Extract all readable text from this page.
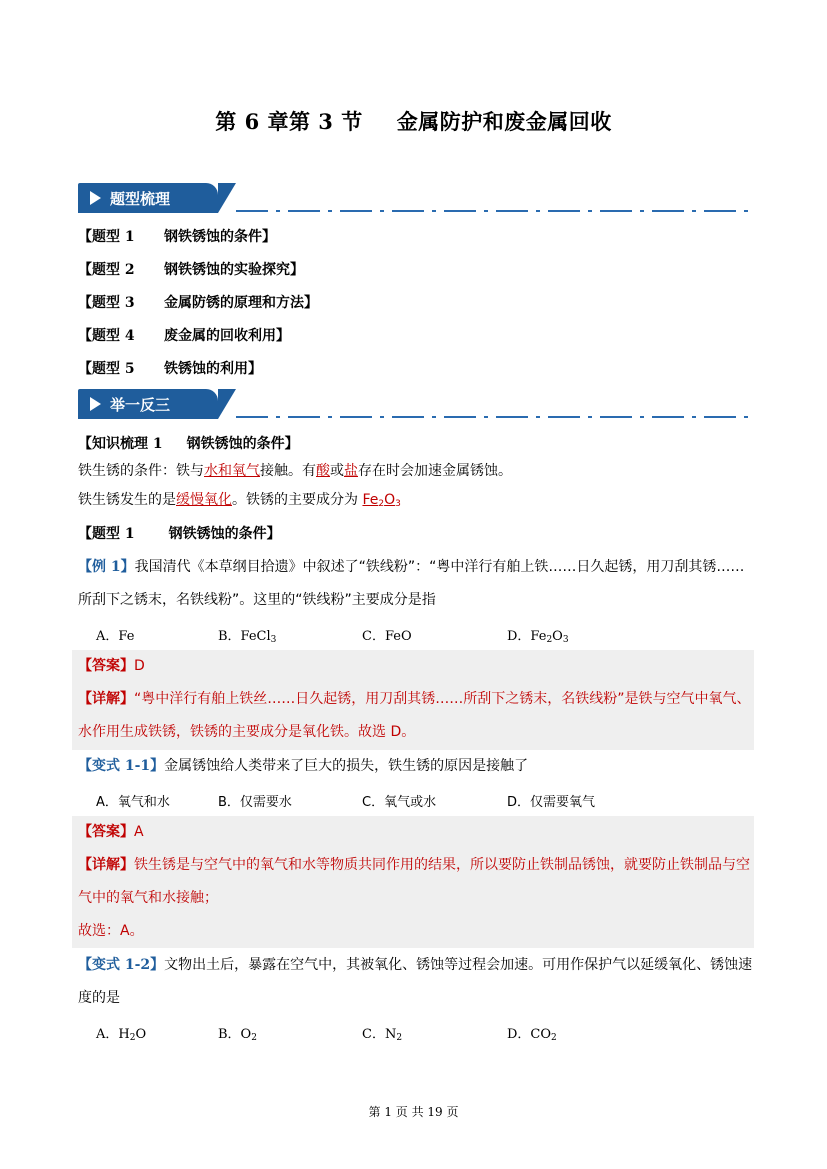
第 6 章第 3 节 金属防护和废金属回收
题型梳理
【题型 1 钢铁锈蚀的条件】
【题型 2 钢铁锈蚀的实验探究】
【题型 3 金属防锈的原理和方法】
【题型 4 废金属的回收利用】
【题型 5 铁锈蚀的利用】
举一反三
【知识梳理 1 钢铁锈蚀的条件】
铁生锈的条件：铁与水和氧气接触。有酸或盐存在时会加速金属锈蚀。
铁生锈发生的是缓慢氧化。铁锈的主要成分为 $Fe_2O_3$
【题型 1 钢铁锈蚀的条件】
【例 1】我国清代《本草纲目拾遗》中叙述了“铁线粉”：“粤中洋行有舶上铁……日久起锈，用刀刮其锈……所刮下之锈末，名铁线粉”。这里的“铁线粉”主要成分是指
A．Fe	B．FeCl$_3$	C．FeO	D．$Fe_2O_3$
【答案】D
【详解】“粤中洋行有舶上铁丝……日久起锈，用刀刮其锈……所刮下之锈末，名铁线粉”是铁与空气中氧气、水作用生成铁锈，铁锈的主要成分是氧化铁。故选 D。
【变式 1-1】金属锈蚀给人类带来了巨大的损失，铁生锈的原因是接触了
A．氧气和水	B．仅需要水	C．氧气或水	D．仅需要氧气
【答案】A
【详解】铁生锈是与空气中的氧气和水等物质共同作用的结果，所以要防止铁制品锈蚀，就要防止铁制品与空气中的氧气和水接触；
故选：A。
【变式 1-2】文物出土后，暴露在空气中，其被氧化、锈蚀等过程会加速。可用作保护气以延缓氧化、锈蚀速度的是
A．$H_2O$	B．$O_2$	C．$N_2$	D．$CO_2$
第 1 页 共 19 页
